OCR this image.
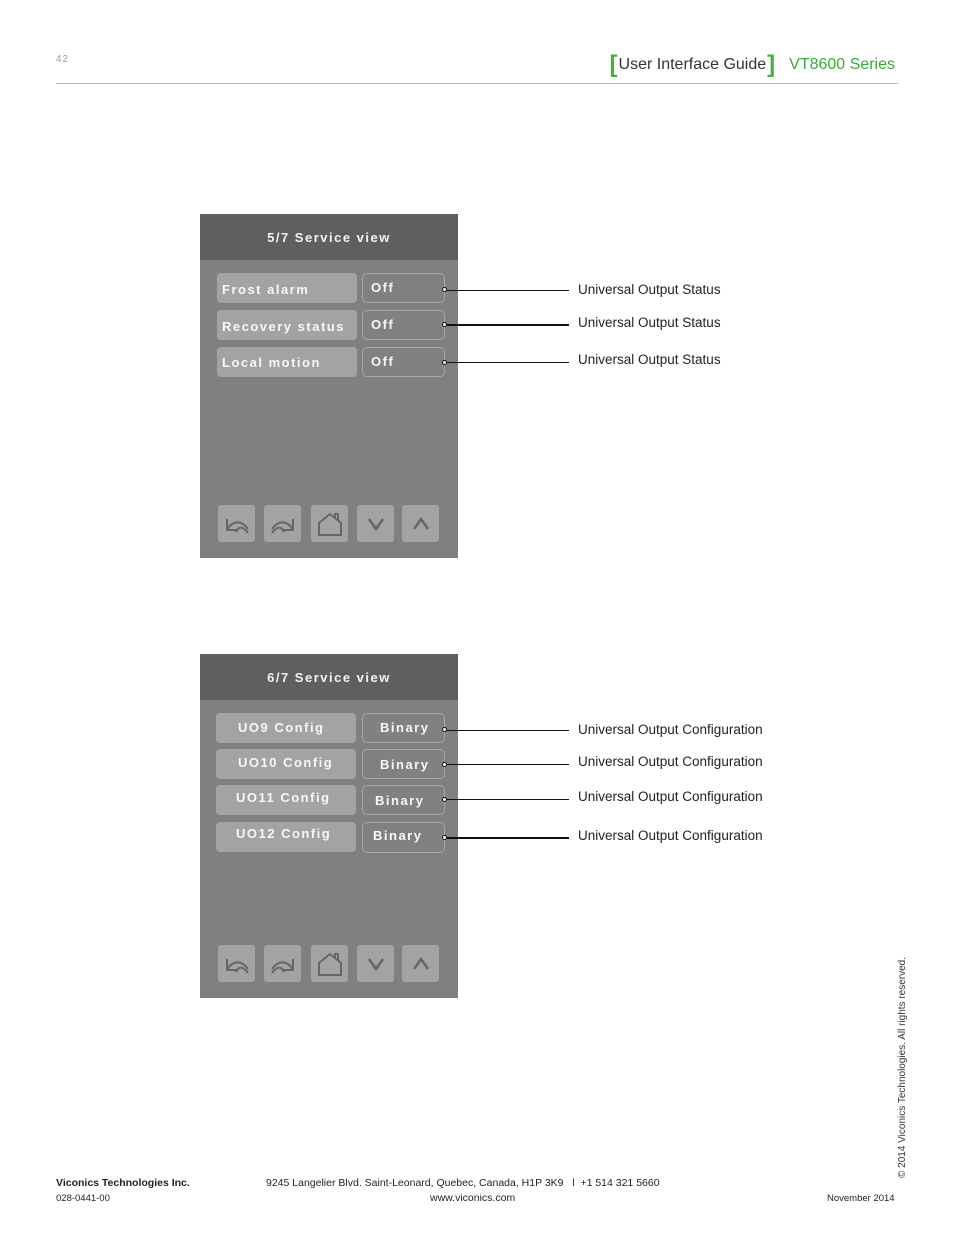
42	[ User Interface Guide ] VT8600 Series
5/7 Service view
Frost alarm	Off
Recovery status	Off
Local motion	Off
Universal Output Status
Universal Output Status
Universal Output Status
6/7 Service view
UO9 Config	Binary
UO10 Config	Binary
UO11 Config	Binary
UO12 Config	Binary
Universal Output Configuration
Universal Output Configuration
Universal Output Configuration
Universal Output Configuration
© 2014 Viconics Technologies. All rights reserved.
Viconics Technologies Inc.
028-0441-00
9245 Langelier Blvd. Saint-Leonard, Quebec, Canada, H1P 3K9   l  +1 514 321 5660
www.viconics.com	November 2014
